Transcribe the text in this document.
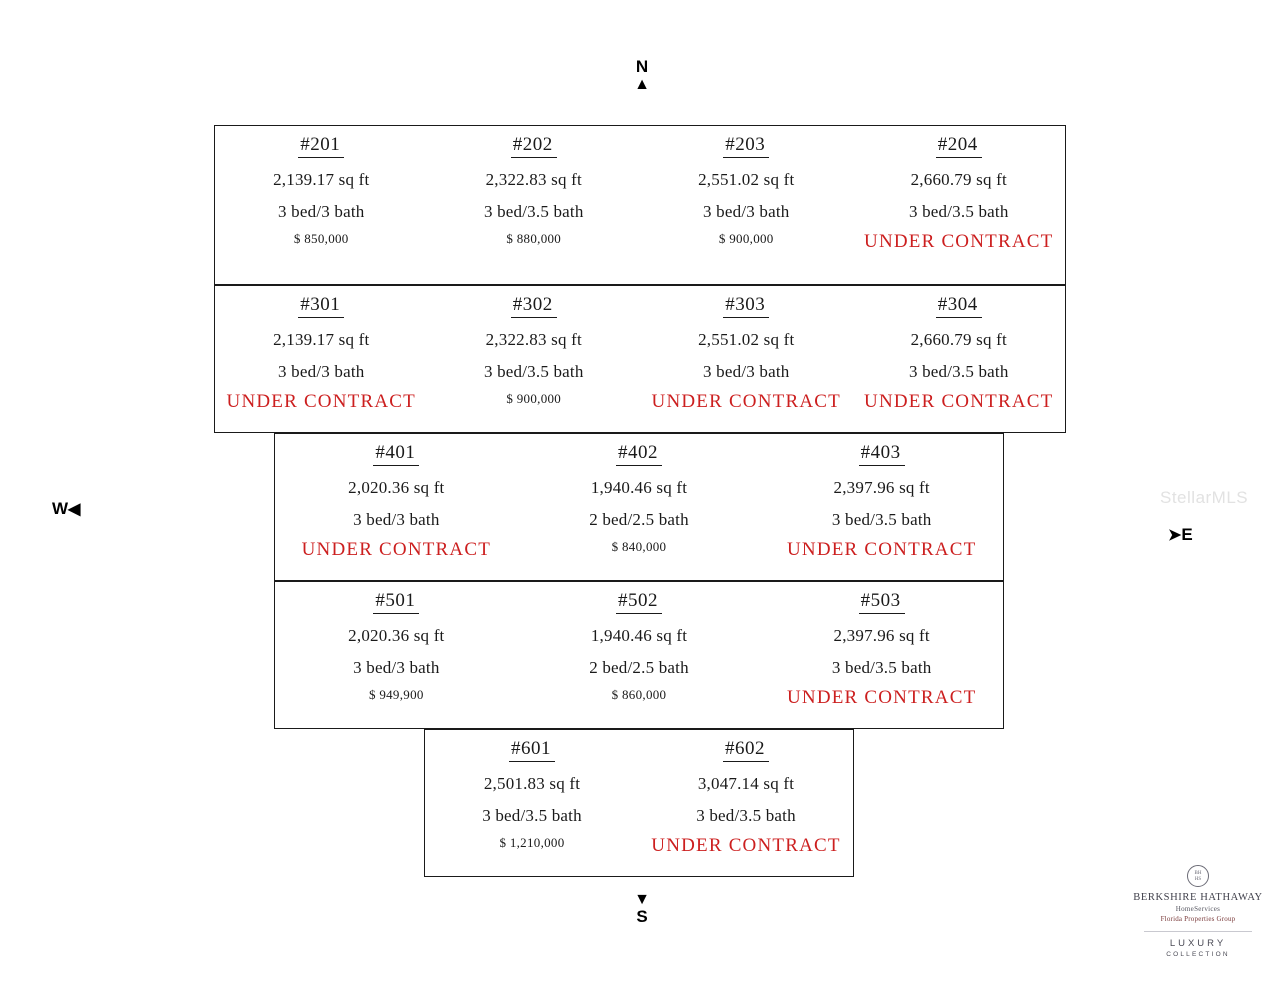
N
▲
▼
S
W◀
➤E
StellarMLS
#201
2,139.17 sq ft
3 bed/3 bath
$ 850,000
#202
2,322.83 sq ft
3 bed/3.5 bath
$ 880,000
#203
2,551.02 sq ft
3 bed/3 bath
$ 900,000
#204
2,660.79 sq ft
3 bed/3.5 bath
UNDER CONTRACT
#301
2,139.17 sq ft
3 bed/3 bath
UNDER CONTRACT
#302
2,322.83 sq ft
3 bed/3.5 bath
$ 900,000
#303
2,551.02 sq ft
3 bed/3 bath
UNDER CONTRACT
#304
2,660.79 sq ft
3 bed/3.5 bath
UNDER CONTRACT
#401
2,020.36 sq ft
3 bed/3 bath
UNDER CONTRACT
#402
1,940.46 sq ft
2 bed/2.5 bath
$ 840,000
#403
2,397.96 sq ft
3 bed/3.5 bath
UNDER CONTRACT
#501
2,020.36 sq ft
3 bed/3 bath
$ 949,900
#502
1,940.46 sq ft
2 bed/2.5 bath
$ 860,000
#503
2,397.96 sq ft
3 bed/3.5 bath
UNDER CONTRACT
#601
2,501.83 sq ft
3 bed/3.5 bath
$ 1,210,000
#602
3,047.14 sq ft
3 bed/3.5 bath
UNDER CONTRACT
BH
HS
BERKSHIRE HATHAWAY
HomeServices
Florida Properties Group
LUXURY
COLLECTION
